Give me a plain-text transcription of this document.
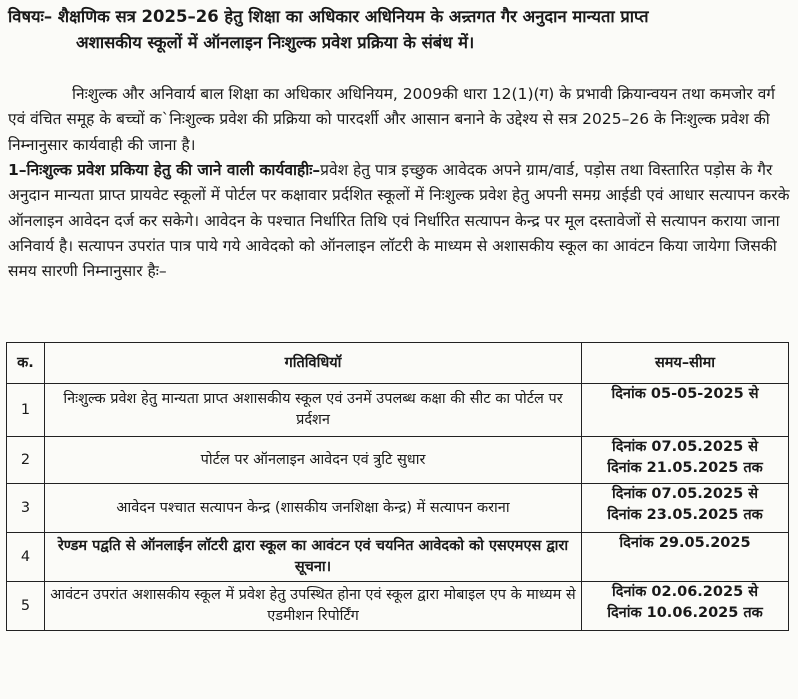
विषयः– शैक्षणिक सत्र 2025–26 हेतु शिक्षा का अधिकार अधिनियम के अन्र्तगत गैर अनुदान मान्यता प्राप्त
अशासकीय स्कूलों में ऑनलाइन निःशुल्क प्रवेश प्रक्रिया के संबंध में।
निःशुल्क और अनिवार्य बाल शिक्षा का अधिकार अधिनियम, 2009की धारा 12(1)(ग) के प्रभावी क्रियान्वयन तथा कमजोर वर्ग एवं वंचित समूह के बच्चों क`निःशुल्क प्रवेश की प्रक्रिया को पारदर्शी और आसान बनाने के उद्देश्य से सत्र 2025–26 के निःशुल्क प्रवेश की निम्नानुसार कार्यवाही की जाना है।
1–निःशुल्क प्रवेश प्रकिया हेतु की जाने वाली कार्यवाहीः–प्रवेश हेतु पात्र इच्छुक आवेदक अपने ग्राम/वार्ड, पड़ोस तथा विस्तारित पड़ोस के गैर अनुदान मान्यता प्राप्त प्रायवेट स्कूलों में पोर्टल पर कक्षावार प्रर्दशित स्कूलों में निःशुल्क प्रवेश हेतु अपनी समग्र आईडी एवं आधार सत्यापन करके ऑनलाइन आवेदन दर्ज कर सकेगे। आवेदन के पश्चात निर्धारित तिथि एवं निर्धारित सत्यापन केन्द्र पर मूल दस्तावेजों से सत्यापन कराया जाना अनिवार्य है। सत्यापन उपरांत पात्र पाये गये आवेदको को ऑनलाइन लॉटरी के माध्यम से अशासकीय स्कूल का आवंटन किया जायेगा जिसकी समय सारणी निम्नानुसार हैः–
क.	गतिविधियॉ	समय–सीमा
1	निःशुल्क प्रवेश हेतु मान्यता प्राप्त अशासकीय स्कूल एवं उनमें उपलब्ध कक्षा की सीट का पोर्टल पर प्रर्दशन	दिनांक 05-05-2025 से

2	पोर्टल पर ऑनलाइन आवेदन एवं त्रुटि सुधार	दिनांक 07.05.2025 से
दिनांक 21.05.2025 तक

3	आवेदन पश्चात सत्यापन केन्द्र (शासकीय जनशिक्षा केन्द्र) में सत्यापन कराना	दिनांक 07.05.2025 से
दिनांक 23.05.2025 तक

4	रेण्डम पद्वति से ऑनलाईन लॉटरी द्वारा स्कूल का आवंटन एवं चयनित आवेदको को एसएमएस द्वारा सूचना।	दिनांक 29.05.2025

5	आवंटन उपरांत अशासकीय स्कूल में प्रवेश हेतु उपस्थित होना एवं स्कूल द्वारा मोबाइल एप के माध्यम से एडमीशन रिपोर्टिंग	दिनांक 02.06.2025 से
दिनांक 10.06.2025 तक
